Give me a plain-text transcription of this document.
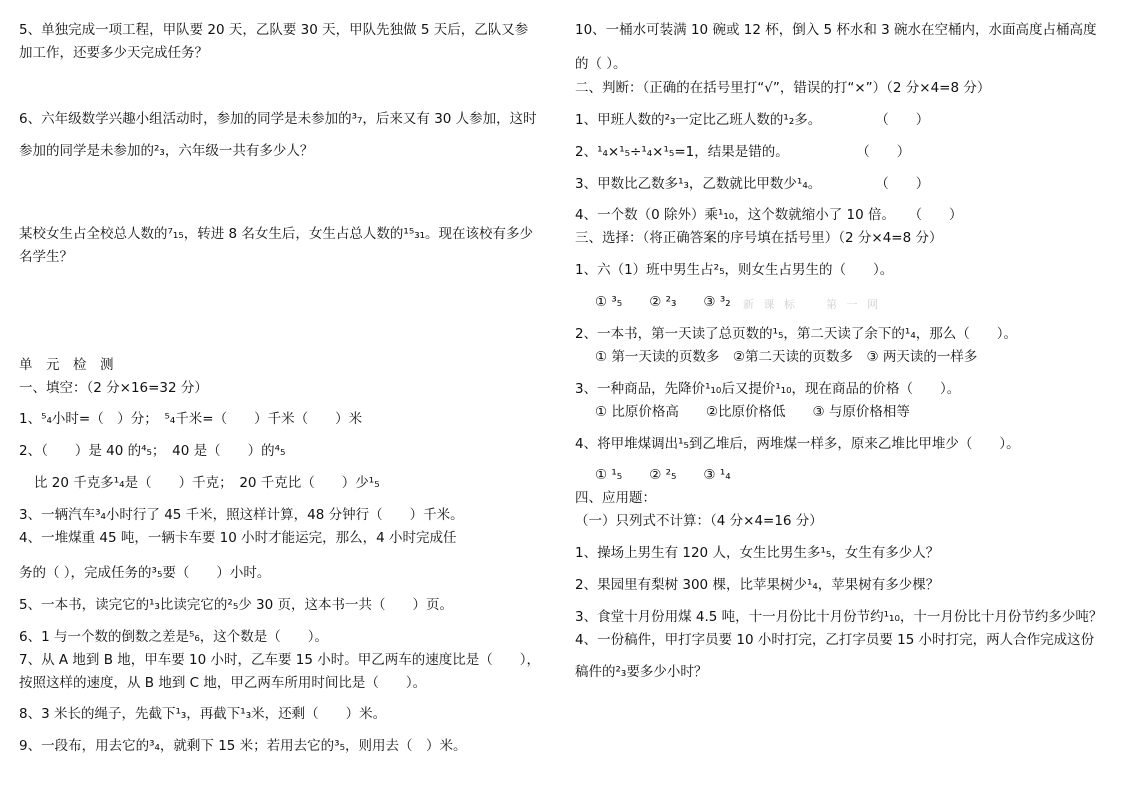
5、单独完成一项工程，甲队要 20 天，乙队要 30 天，甲队先独做 5 天后，乙队又参
加工作，还要多少天完成任务？
6、六年级数学兴趣小组活动时，参加的同学是未参加的³₇，后来又有 30 人参加，这时
参加的同学是未参加的²₃，六年级一共有多少人？
某校女生占全校总人数的⁷₁₅，转进 8 名女生后，女生占总人数的¹⁵₃₁。现在该校有多少
名学生？
单　元　检　测
一、填空：（2 分×16=32 分）
1、⁵₄小时=（　）分；　⁵₄千米=（　　）千米（　　）米
2、（　　）是 40 的⁴₅；　40 是（　　）的⁴₅
比 20 千克多¹₄是（　　）千克；　20 千克比（　　）少¹₅
3、一辆汽车³₄小时行了 45 千米，照这样计算，48 分钟行（　　）千米。
4、一堆煤重 45 吨，一辆卡车要 10 小时才能运完，那么，4 小时完成任
务的（ ），完成任务的³₅要（　　）小时。
5、一本书，读完它的¹₃比读完它的²₅少 30 页，这本书一共（　　）页。
6、1 与一个数的倒数之差是⁵₆，这个数是（　　）。
7、从 A 地到 B 地，甲车要 10 小时，乙车要 15 小时。甲乙两车的速度比是（　　），
按照这样的速度，从 B 地到 C 地，甲乙两车所用时间比是（　　）。
8、3 米长的绳子，先截下¹₃，再截下¹₃米，还剩（　　）米。
9、一段布，用去它的³₄，就剩下 15 米；若用去它的³₅，则用去（　）米。
10、一桶水可装满 10 碗或 12 杯，倒入 5 杯水和 3 碗水在空桶内，水面高度占桶高度
的（ ）。
二、判断：（正确的在括号里打“√”，错误的打“×”）（2 分×4=8 分）
1、甲班人数的²₃一定比乙班人数的¹₂多。　　　　　（　　）
2、¹₄×¹₅÷¹₄×¹₅=1，结果是错的。　　　　　　（　　）
3、甲数比乙数多¹₃，乙数就比甲数少¹₄。　　　　　（　　）
4、一个数（0 除外）乘¹₁₀，这个数就缩小了 10 倍。　　（　　）
三、选择：（将正确答案的序号填在括号里）（2 分×4=8 分）
1、六（1）班中男生占²₅，则女生占男生的（　　）。
① ³₅　　② ²₃　　③ ³₂ 新 课 标　　第 一 网
2、一本书，第一天读了总页数的¹₅，第二天读了余下的¹₄，那么（　　）。
① 第一天读的页数多　②第二天读的页数多　③ 两天读的一样多
3、一种商品，先降价¹₁₀后又提价¹₁₀，现在商品的价格（　　）。
① 比原价格高　　②比原价格低　　③ 与原价格相等
4、将甲堆煤调出¹₅到乙堆后，两堆煤一样多，原来乙堆比甲堆少（　　）。
① ¹₅　　② ²₅　　③ ¹₄
四、应用题：
（一）只列式不计算：（4 分×4=16 分）
1、操场上男生有 120 人，女生比男生多¹₅，女生有多少人？
2、果园里有梨树 300 棵，比苹果树少¹₄，苹果树有多少棵？
3、食堂十月份用煤 4.5 吨，十一月份比十月份节约¹₁₀，十一月份比十月份节约多少吨？
4、一份稿件，甲打字员要 10 小时打完，乙打字员要 15 小时打完，两人合作完成这份
稿件的²₃要多少小时？
